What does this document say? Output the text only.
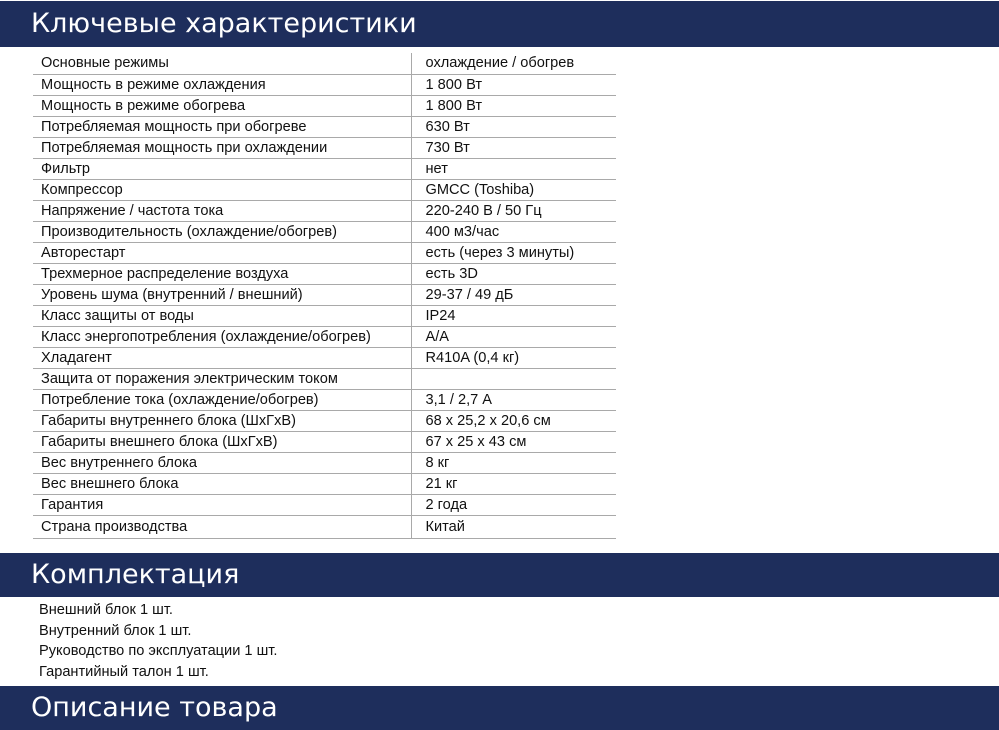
Ключевые характеристики
Основные режимы	охлаждение / обогрев
Мощность в режиме охлаждения	1 800 Вт
Мощность в режиме обогрева	1 800 Вт
Потребляемая мощность при обогреве	630 Вт
Потребляемая мощность при охлаждении	730 Вт
Фильтр	нет
Компрессор	GMCC (Toshiba)
Напряжение / частота тока	220-240 В / 50 Гц
Производительность (охлаждение/обогрев)	400 м3/час
Авторестарт	есть (через 3 минуты)
Трехмерное распределение воздуха	есть 3D
Уровень шума (внутренний / внешний)	29-37 / 49 дБ
Класс защиты от воды	IP24
Класс энергопотребления (охлаждение/обогрев)	A/A
Хладагент	R410A (0,4 кг)
Защита от поражения электрическим током	
Потребление тока (охлаждение/обогрев)	3,1 / 2,7 А
Габариты внутреннего блока (ШхГхВ)	68 х 25,2 х 20,6 см
Габариты внешнего блока (ШхГхВ)	67 х 25 х 43 см
Вес внутреннего блока	8 кг
Вес внешнего блока	21 кг
Гарантия	2 года
Страна производства	Китай
Комплектация
Внешний блок 1 шт.
Внутренний блок 1 шт.
Руководство по эксплуатации 1 шт.
Гарантийный талон 1 шт.
Описание товара
